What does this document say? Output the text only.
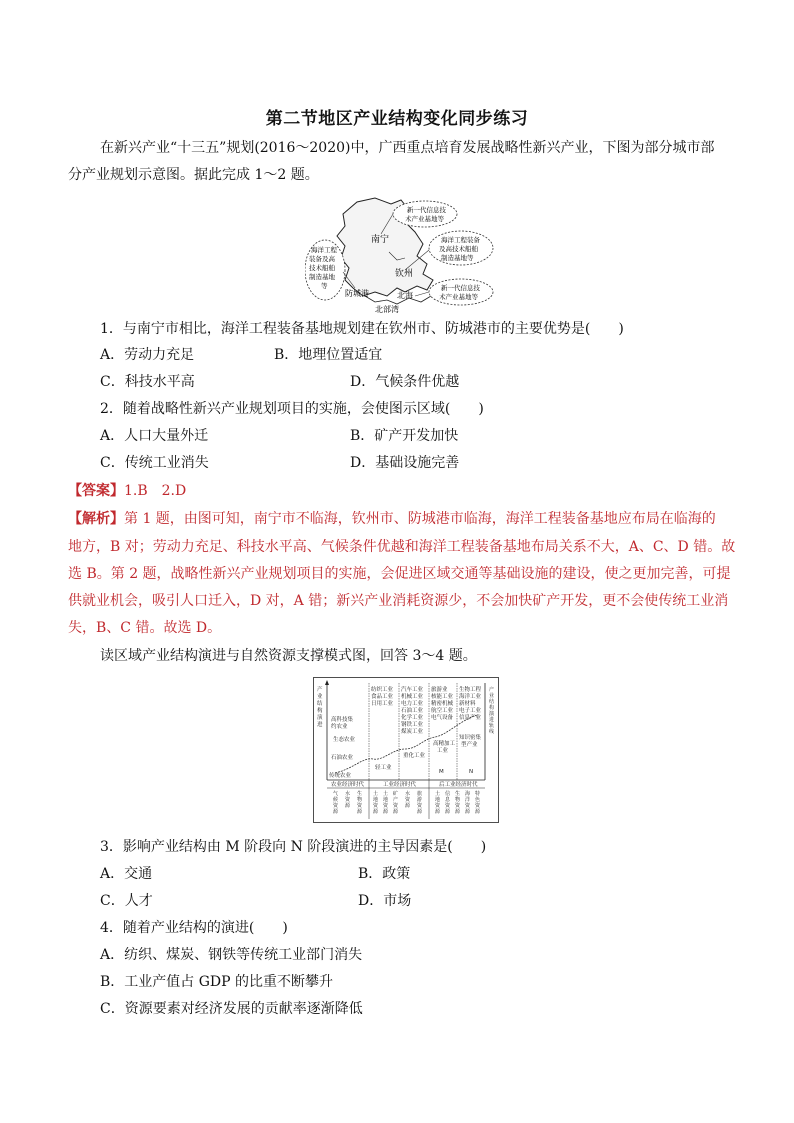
第二节地区产业结构变化同步练习
在新兴产业“十三五”规划(2016～2020)中，广西重点培育发展战略性新兴产业，下图为部分城市部
分产业规划示意图。据此完成 1～2 题。
南宁
钦州
防城港	北海
北部湾
新一代信息技
术产业基地等
海洋工程装备
及高技术船舶
制造基地等
海洋工程
装备及高
技术船舶
制造基地
等	新一代信息技
术产业基地等
1．与南宁市相比，海洋工程装备基地规划建在钦州市、防城港市的主要优势是(　　)
A．劳动力充足	B．地理位置适宜
C．科技水平高	D．气候条件优越
2．随着战略性新兴产业规划项目的实施，会使图示区域(　　)
A．人口大量外迁	B．矿产开发加快
C．传统工业消失	D．基础设施完善
【答案】1.B　2.D
【解析】第 1 题，由图可知，南宁市不临海，钦州市、防城港市临海，海洋工程装备基地应布局在临海的
地方，B 对；劳动力充足、科技水平高、气候条件优越和海洋工程装备基地布局关系不大，A、C、D 错。故
选 B。第 2 题，战略性新兴产业规划项目的实施，会促进区域交通等基础设施的建设，使之更加完善，可提
供就业机会，吸引人口迁入，D 对，A 错；新兴产业消耗资源少，不会加快矿产开发，更不会使传统工业消
失，B、C 错。故选 D。
读区域产业结构演进与自然资源支撑模式图，回答 3～4 题。
产
业
结
构
演
进
产
业
结
构
演
进
轨
线
高科技集
约农业
生态农业
石油农业
传统农业
纺织工业
食品工业
日用工业
轻工业
汽车工业
机械工业
电力工业
石油工业
化学工业
钢铁工业
煤炭工业
重化工业
旅游业
核能工业
精密机械
航空工业
电气设备
高精加工
工业
M
生物工程
海洋工业
新材料
电子工业
信息产业
知识密集
型产业
N
农业经济时代	工业经济时代	后工业经济时代
气
候
资
源
水
资
源
生
物
资
源
土
地
资
源
土
地
资
源
矿
产
资
源
水
资
源
旅
游
资
源
土
地
资
源
信
息
资
源
生
物
资
源
海
洋
资
源
特
色
资
源
3．影响产业结构由 M 阶段向 N 阶段演进的主导因素是(　　)
A．交通	B．政策
C．人才	D．市场
4．随着产业结构的演进(　　)
A．纺织、煤炭、钢铁等传统工业部门消失
B．工业产值占 GDP 的比重不断攀升
C．资源要素对经济发展的贡献率逐渐降低
